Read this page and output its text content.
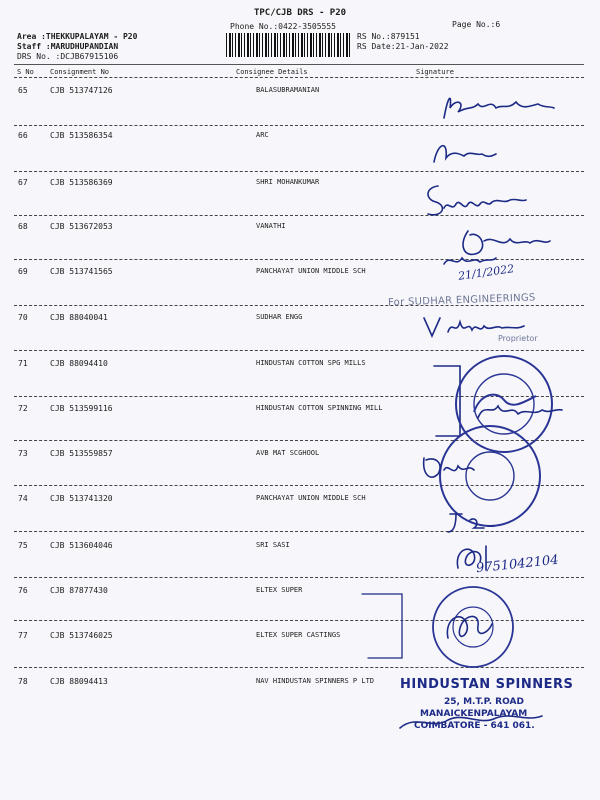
TPC/CJB DRS - P20
Phone No.:0422-3505555	Page No.:6
Area :THEKKUPALAYAM - P20
Staff :MARUDHUPANDIAN
DRS No. :DCJB67915106
RS No.:879151
RS Date:21-Jan-2022
S No Consignment No	Consignee Details	Signature
65	CJB 513747126	BALASUBRAMANIAN
66	CJB 513586354	ARC
67	CJB 513586369	SHRI MOHANKUMAR
68	CJB 513672053	VANATHI
69	CJB 513741565	PANCHAYAT UNION MIDDLE SCH
70	CJB 88040041	SUDHAR ENGG
71	CJB 88094410	HINDUSTAN COTTON SPG MILLS
72	CJB 513599116	HINDUSTAN COTTON SPINNING MILL
73	CJB 513559857	AVB MAT SCGHOOL
74	CJB 513741320	PANCHAYAT UNION MIDDLE SCH
75	CJB 513604046	SRI SASI
76	CJB 87877430	ELTEX SUPER
77	CJB 513746025	ELTEX SUPER CASTINGS
78	CJB 88094413	NAV HINDUSTAN SPINNERS P LTD
21/1/2022
For SUDHAR ENGINEERINGS
Proprietor
9751042104
HINDUSTAN SPINNERS
25, M.T.P. ROAD
MANAICKENPALAYAM
COIMBATORE - 641 061.
